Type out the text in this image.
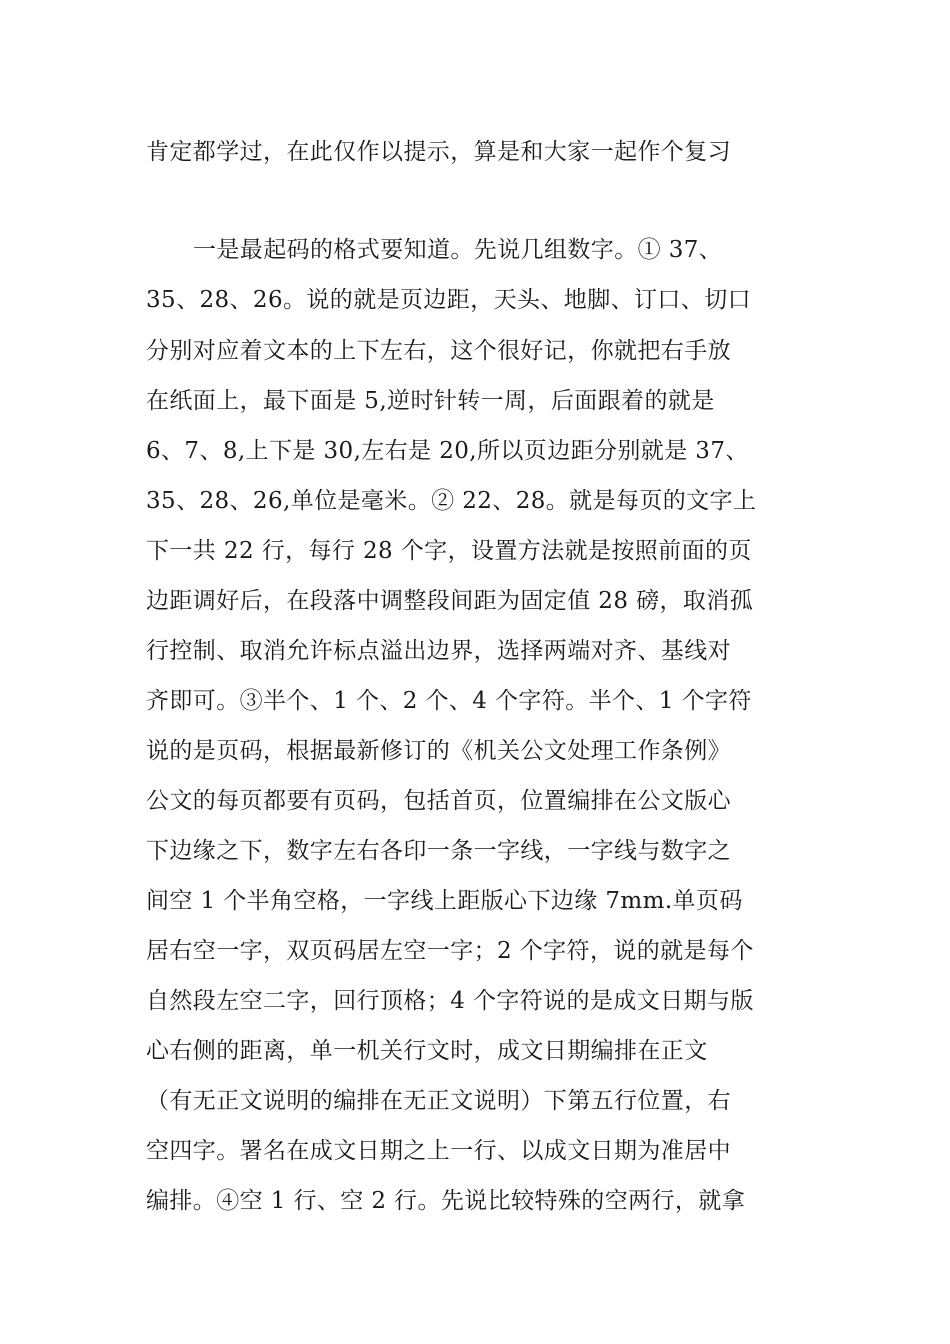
肯定都学过，在此仅作以提示，算是和大家一起作个复习
一是最起码的格式要知道。先说几组数字。① 37、
35、28、26。说的就是页边距，天头、地脚、订口、切口
分别对应着文本的上下左右，这个很好记，你就把右手放
在纸面上，最下面是 5,逆时针转一周，后面跟着的就是
6、7、8,上下是 30,左右是 20,所以页边距分别就是 37、
35、28、26,单位是毫米。② 22、28。就是每页的文字上
下一共 22 行，每行 28 个字，设置方法就是按照前面的页
边距调好后，在段落中调整段间距为固定值 28 磅，取消孤
行控制、取消允许标点溢出边界，选择两端对齐、基线对
齐即可。③半个、1 个、2 个、4 个字符。半个、1 个字符
说的是页码，根据最新修订的《机关公文处理工作条例》
公文的每页都要有页码，包括首页，位置编排在公文版心
下边缘之下，数字左右各印一条一字线，一字线与数字之
间空 1 个半角空格，一字线上距版心下边缘 7mm.单页码
居右空一字，双页码居左空一字；2 个字符，说的就是每个
自然段左空二字，回行顶格；4 个字符说的是成文日期与版
心右侧的距离，单一机关行文时，成文日期编排在正文
（有无正文说明的编排在无正文说明）下第五行位置，右
空四字。署名在成文日期之上一行、以成文日期为准居中
编排。④空 1 行、空 2 行。先说比较特殊的空两行，就拿
